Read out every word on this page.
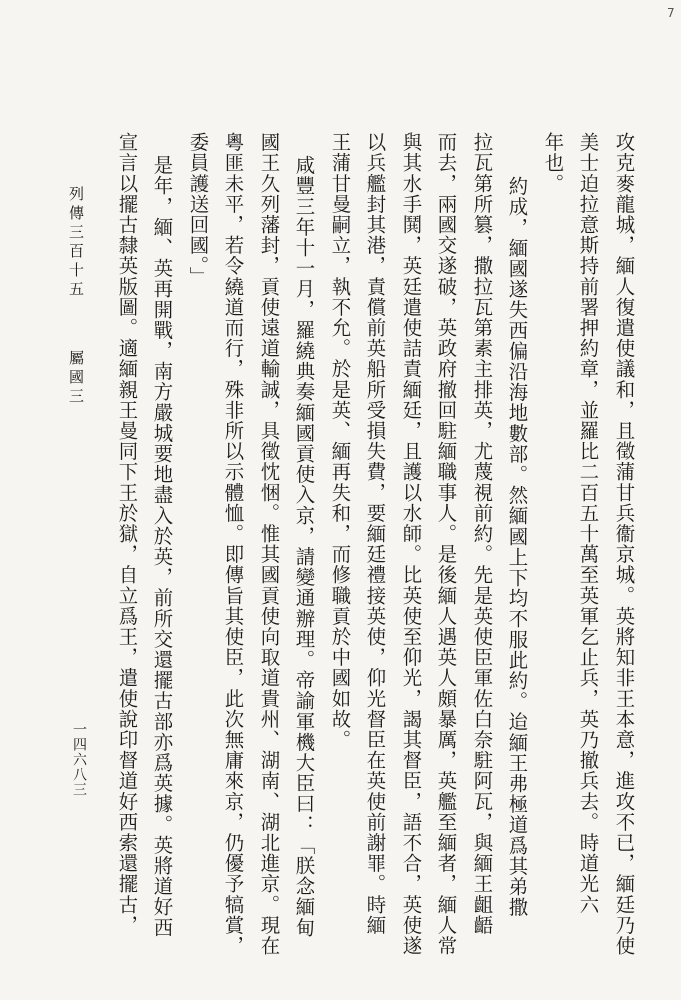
7
攻克麥龍城，緬人復遣使議和，且徵蒲甘兵衞京城。英將知非王本意，進攻不已，緬廷乃使
美士迫拉意斯持前署押約章，並羅比二百五十萬至英軍乞止兵，英乃撤兵去。時道光六
年也。
約成，緬國遂失西偏沿海地數部。然緬國上下均不服此約。迨緬王弗極道爲其弟撒
拉瓦第所篡，撒拉瓦第素主排英，尤蔑視前約。先是英使臣軍佐白奈駐阿瓦，與緬王齟齬
而去，兩國交遂破，英政府撤回駐緬職事人。是後緬人遇英人頗暴厲，英艦至緬者，緬人常
與其水手鬨，英廷遣使詰責緬廷，且護以水師。比英使至仰光，謁其督臣，語不合，英使遂
以兵艦封其港，責償前英船所受損失費，要緬廷禮接英使，仰光督臣在英使前謝罪。時緬
王蒲甘曼嗣立，執不允。於是英、緬再失和，而修職貢於中國如故。
咸豐三年十一月，羅繞典奏緬國貢使入京，請變通辦理。帝諭軍機大臣曰：「朕念緬甸
國王久列藩封，貢使遠道輸誠，具徵忱悃。惟其國貢使向取道貴州、湖南、湖北進京。現在
粵匪未平，若令繞道而行，殊非所以示體恤。即傳旨其使臣，此次無庸來京，仍優予犒賞，
委員護送回國。」
是年，緬、英再開戰，南方嚴城要地盡入於英，前所交還擺古部亦爲英據。英將道好西
宣言以擺古隸英版圖。適緬親王曼同下王於獄，自立爲王，遣使說印督道好西索還擺古，
列傳三百十五 屬國三
一四六八三
